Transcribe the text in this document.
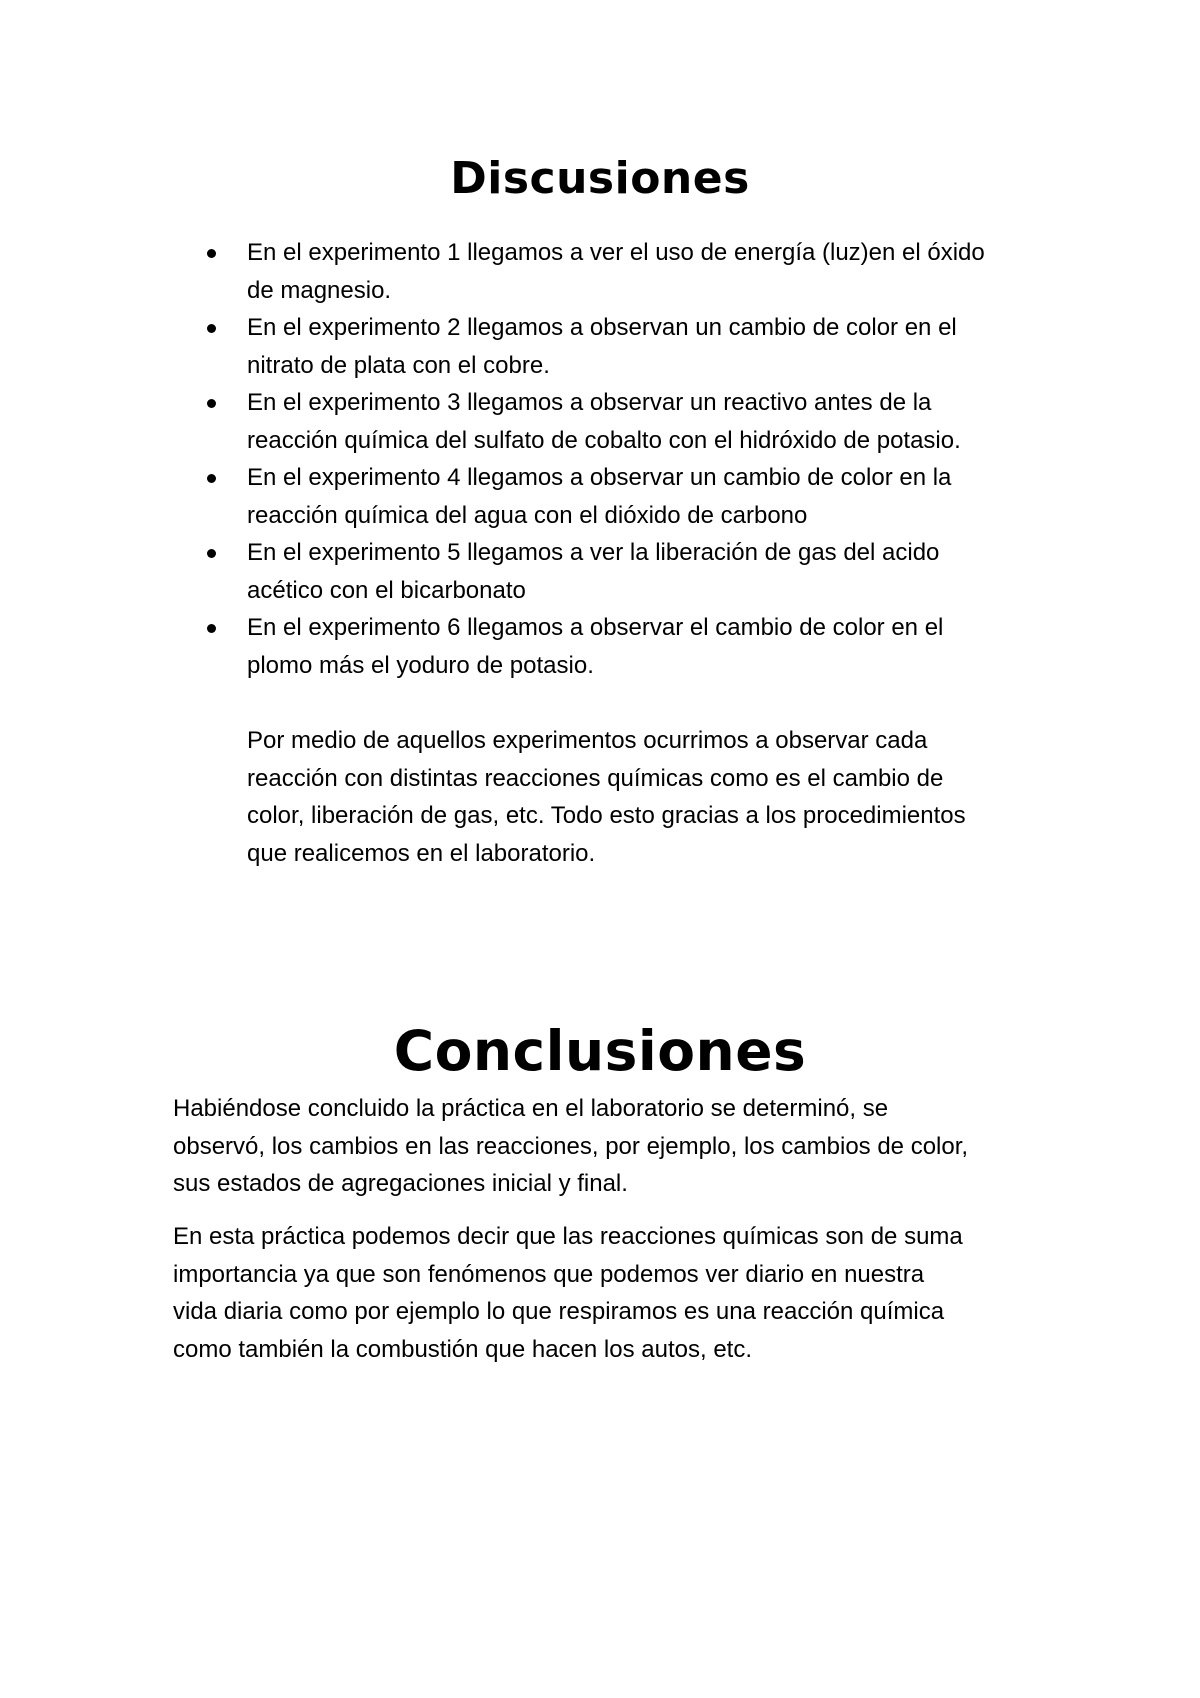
Discusiones
En el experimento 1 llegamos a ver el uso de energía (luz)en el óxido
de magnesio.
En el experimento 2 llegamos a observan un cambio de color en el
nitrato de plata con el cobre.
En el experimento 3 llegamos a observar un reactivo antes de la
reacción química del sulfato de cobalto con el hidróxido de potasio.
En el experimento 4 llegamos a observar un cambio de color en la
reacción química del agua con el dióxido de carbono
En el experimento 5 llegamos a ver la liberación de gas del acido
acético con el bicarbonato
En el experimento 6 llegamos a observar el cambio de color en el
plomo más el yoduro de potasio.

Por medio de aquellos experimentos ocurrimos a observar cada
reacción con distintas reacciones químicas como es el cambio de
color, liberación de gas, etc. Todo esto gracias a los procedimientos
que realicemos en el laboratorio.

Conclusiones

Habiéndose concluido la práctica en el laboratorio se determinó, se
observó, los cambios en las reacciones, por ejemplo, los cambios de color,
sus estados de agregaciones inicial y final.

En esta práctica podemos decir que las reacciones químicas son de suma
importancia ya que son fenómenos que podemos ver diario en nuestra
vida diaria como por ejemplo lo que respiramos es una reacción química
como también la combustión que hacen los autos, etc.
